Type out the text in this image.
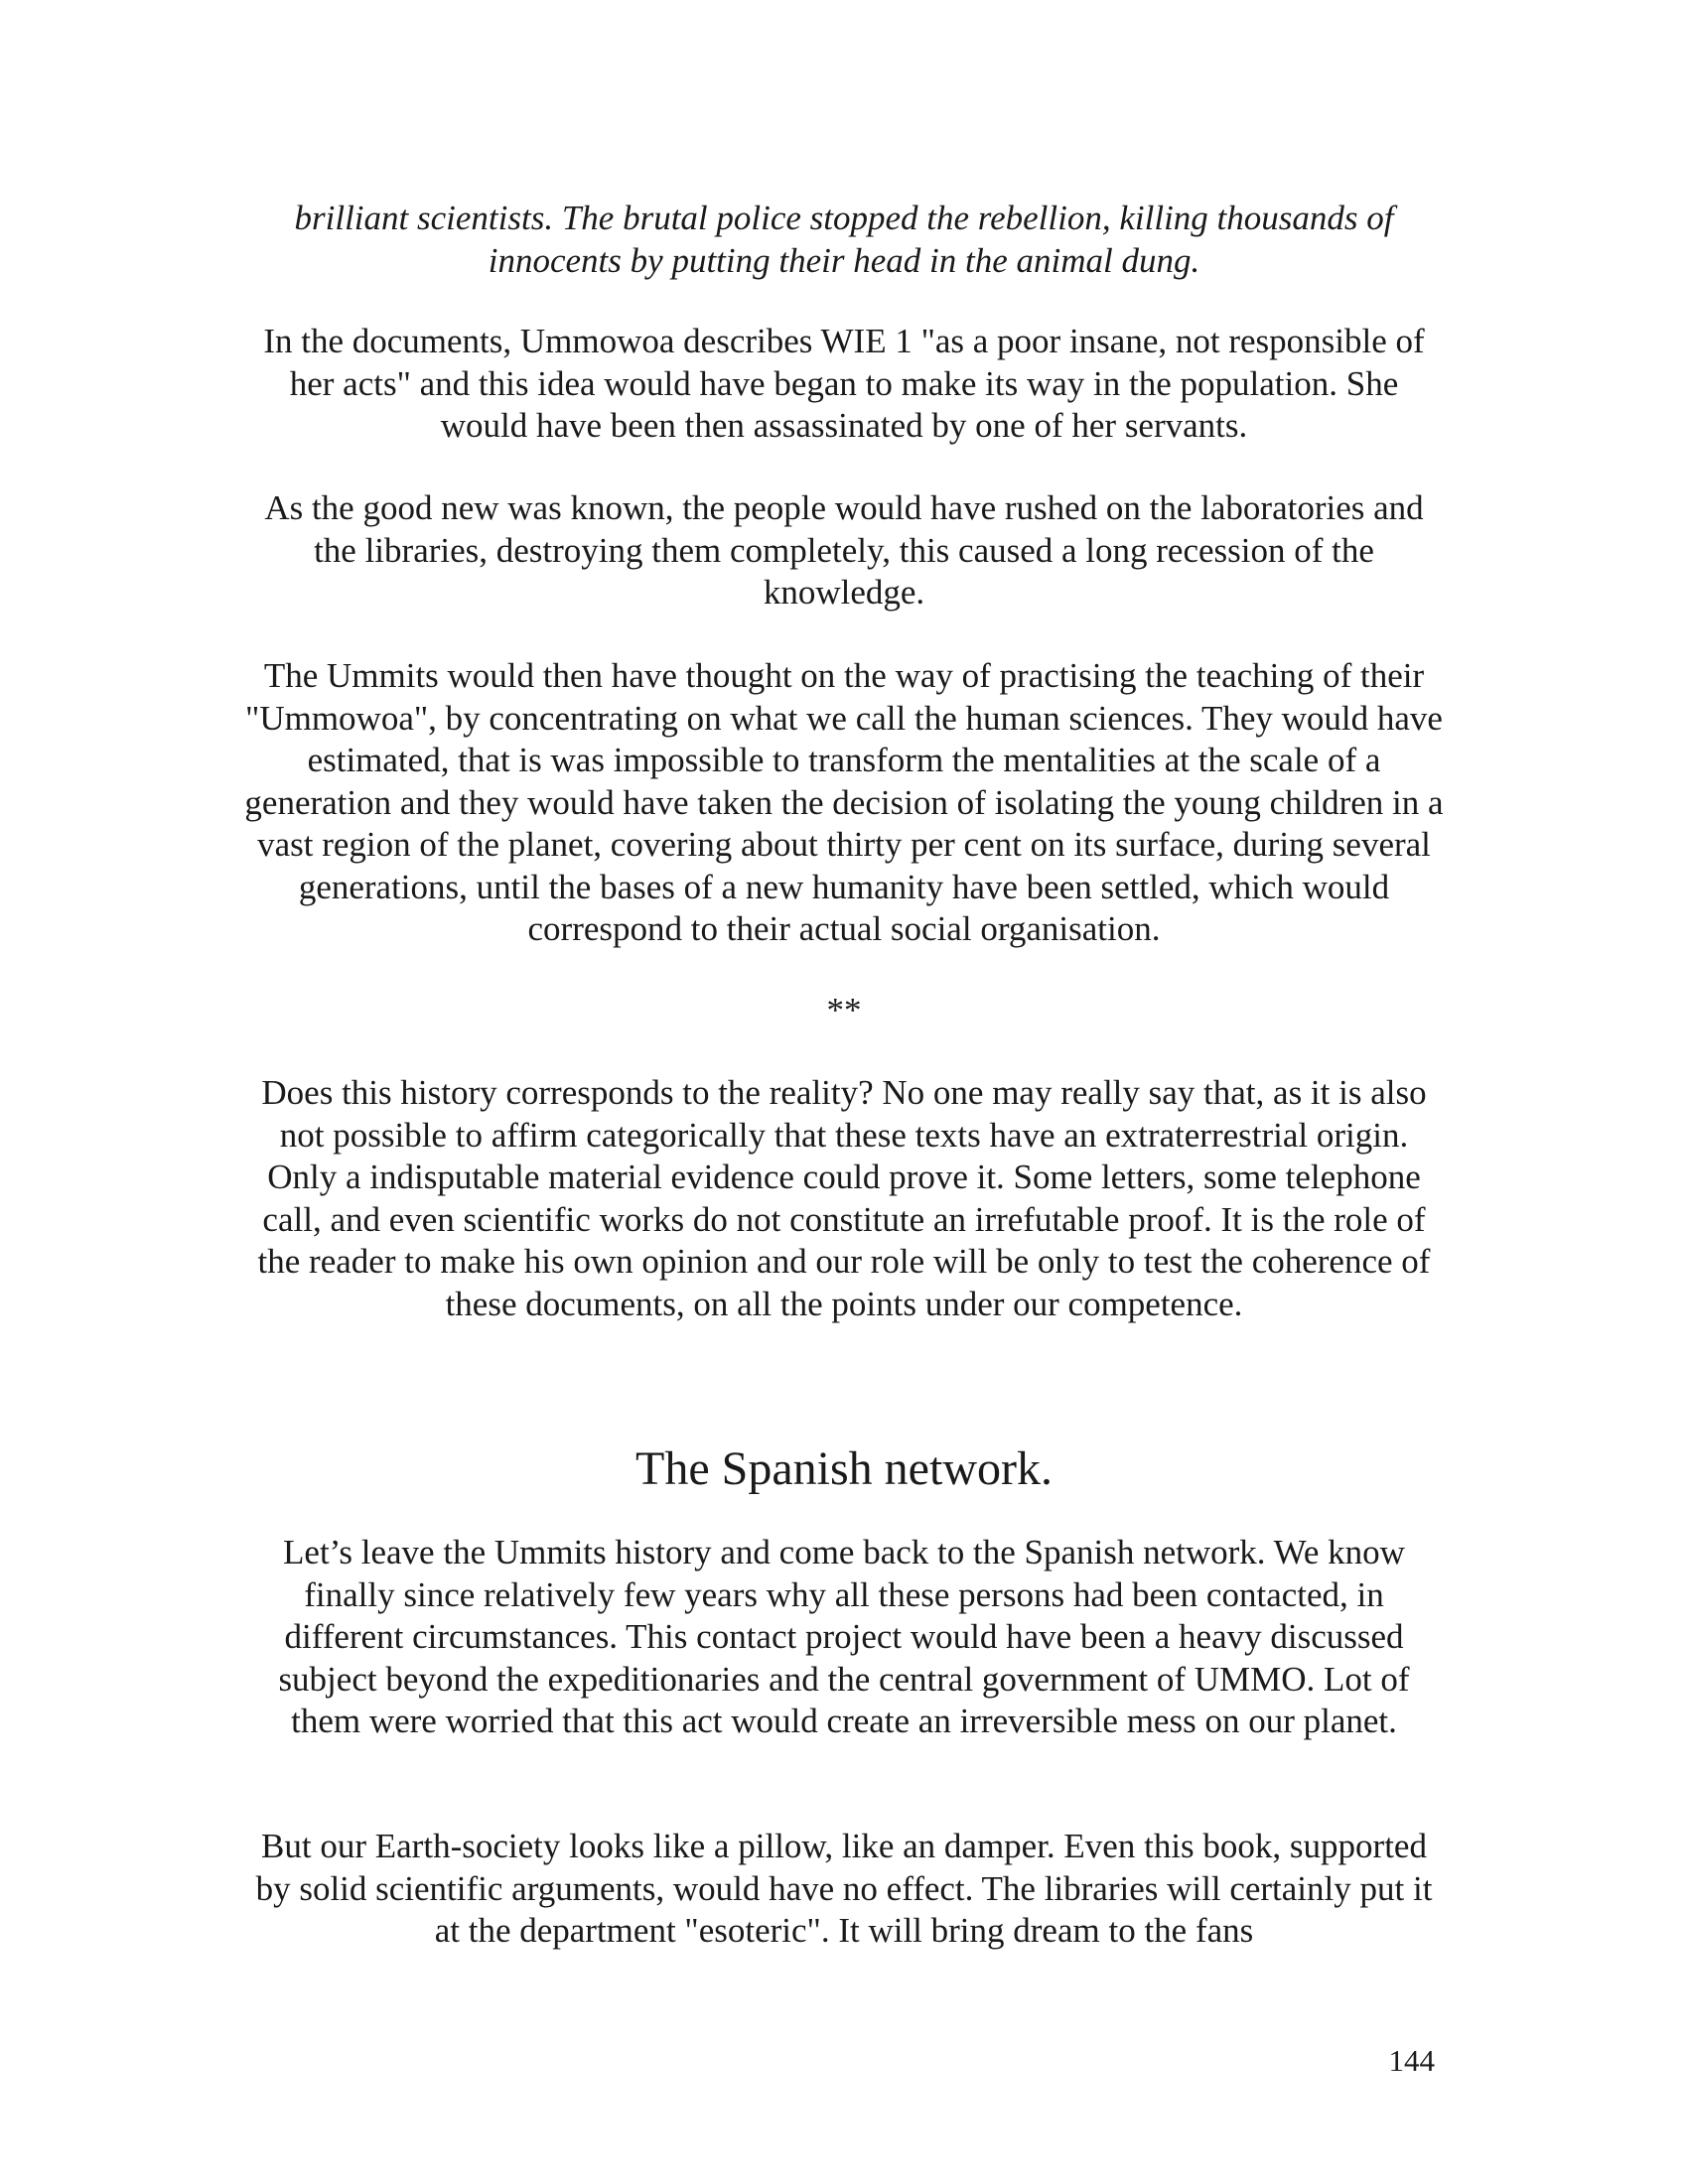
brilliant scientists. The brutal police stopped the rebellion, killing thousands of innocents by putting their head in the animal dung.

In the documents, Ummowoa describes WIE 1 "as a poor insane, not responsible of her acts" and this idea would have began to make its way in the population. She would have been then assassinated by one of her servants.

As the good new was known, the people would have rushed on the laboratories and the libraries, destroying them completely, this caused a long recession of the knowledge.

The Ummits would then have thought on the way of practising the teaching of their "Ummowoa", by concentrating on what we call the human sciences. They would have estimated, that is was impossible to transform the mentalities at the scale of a generation and they would have taken the decision of isolating the young children in a vast region of the planet, covering about thirty per cent on its surface, during several generations, until the bases of a new humanity have been settled, which would correspond to their actual social organisation.

**

Does this history corresponds to the reality? No one may really say that, as it is also not possible to affirm categorically that these texts have an extraterrestrial origin. Only a indisputable material evidence could prove it. Some letters, some telephone call, and even scientific works do not constitute an irrefutable proof. It is the role of the reader to make his own opinion and our role will be only to test the coherence of these documents, on all the points under our competence.

The Spanish network.

Let’s leave the Ummits history and come back to the Spanish network. We know finally since relatively few years why all these persons had been contacted, in different circumstances. This contact project would have been a heavy discussed subject beyond the expeditionaries and the central government of UMMO. Lot of them were worried that this act would create an irreversible mess on our planet.

But our Earth-society looks like a pillow, like an damper. Even this book, supported by solid scientific arguments, would have no effect. The libraries will certainly put it at the department "esoteric". It will bring dream to the fans

144
